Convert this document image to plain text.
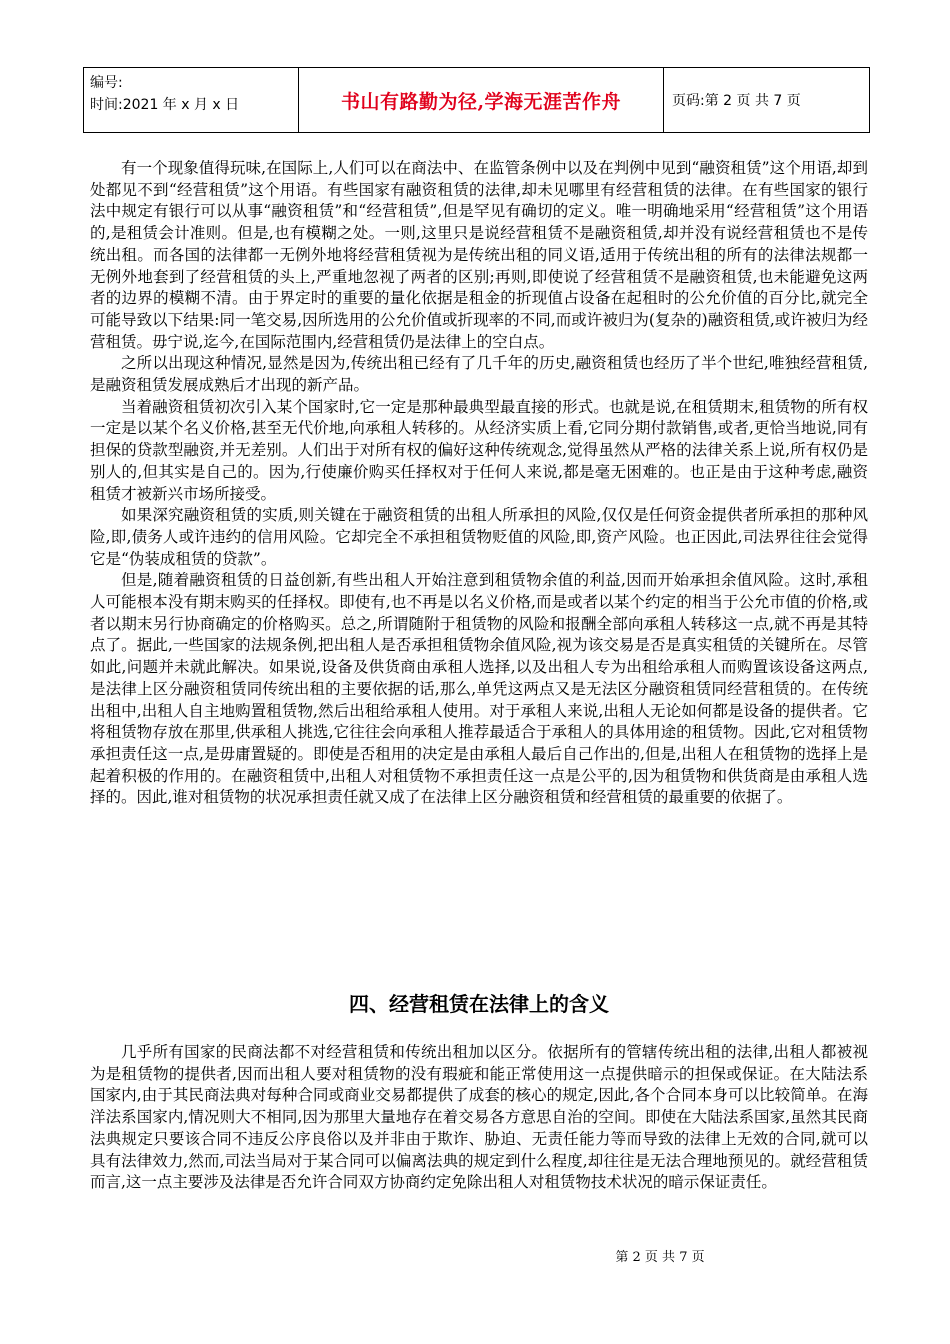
编号:
时间:2021 年 x 月 x 日	书山有路勤为径,学海无涯苦作舟	页码:第 2 页 共 7 页

有一个现象值得玩味,在国际上,人们可以在商法中、在监管条例中以及在判例中见到“融资租赁”这个用语,却到处都见不到“经营租赁”这个用语。有些国家有融资租赁的法律,却未见哪里有经营租赁的法律。在有些国家的银行法中规定有银行可以从事“融资租赁”和“经营租赁”,但是罕见有确切的定义。唯一明确地采用“经营租赁”这个用语的,是租赁会计准则。但是,也有模糊之处。一则,这里只是说经营租赁不是融资租赁,却并没有说经营租赁也不是传统出租。而各国的法律都一无例外地将经营租赁视为是传统出租的同义语,适用于传统出租的所有的法律法规都一无例外地套到了经营租赁的头上,严重地忽视了两者的区别;再则,即使说了经营租赁不是融资租赁,也未能避免这两者的边界的模糊不清。由于界定时的重要的量化依据是租金的折现值占设备在起租时的公允价值的百分比,就完全可能导致以下结果:同一笔交易,因所选用的公允价值或折现率的不同,而或许被归为(复杂的)融资租赁,或许被归为经营租赁。毋宁说,迄今,在国际范围内,经营租赁仍是法律上的空白点。

之所以出现这种情况,显然是因为,传统出租已经有了几千年的历史,融资租赁也经历了半个世纪,唯独经营租赁,是融资租赁发展成熟后才出现的新产品。

当着融资租赁初次引入某个国家时,它一定是那种最典型最直接的形式。也就是说,在租赁期末,租赁物的所有权一定是以某个名义价格,甚至无代价地,向承租人转移的。从经济实质上看,它同分期付款销售,或者,更恰当地说,同有担保的贷款型融资,并无差别。人们出于对所有权的偏好这种传统观念,觉得虽然从严格的法律关系上说,所有权仍是别人的,但其实是自己的。因为,行使廉价购买任择权对于任何人来说,都是毫无困难的。也正是由于这种考虑,融资租赁才被新兴市场所接受。

如果深究融资租赁的实质,则关键在于融资租赁的出租人所承担的风险,仅仅是任何资金提供者所承担的那种风险,即,债务人或许违约的信用风险。它却完全不承担租赁物贬值的风险,即,资产风险。也正因此,司法界往往会觉得它是“伪装成租赁的贷款”。

但是,随着融资租赁的日益创新,有些出租人开始注意到租赁物余值的利益,因而开始承担余值风险。这时,承租人可能根本没有期末购买的任择权。即使有,也不再是以名义价格,而是或者以某个约定的相当于公允市值的价格,或者以期末另行协商确定的价格购买。总之,所谓随附于租赁物的风险和报酬全部向承租人转移这一点,就不再是其特点了。据此,一些国家的法规条例,把出租人是否承担租赁物余值风险,视为该交易是否是真实租赁的关键所在。尽管如此,问题并未就此解决。如果说,设备及供货商由承租人选择,以及出租人专为出租给承租人而购置该设备这两点,是法律上区分融资租赁同传统出租的主要依据的话,那么,单凭这两点又是无法区分融资租赁同经营租赁的。在传统出租中,出租人自主地购置租赁物,然后出租给承租人使用。对于承租人来说,出租人无论如何都是设备的提供者。它将租赁物存放在那里,供承租人挑选,它往往会向承租人推荐最适合于承租人的具体用途的租赁物。因此,它对租赁物承担责任这一点,是毋庸置疑的。即使是否租用的决定是由承租人最后自己作出的,但是,出租人在租赁物的选择上是起着积极的作用的。在融资租赁中,出租人对租赁物不承担责任这一点是公平的,因为租赁物和供货商是由承租人选择的。因此,谁对租赁物的状况承担责任就又成了在法律上区分融资租赁和经营租赁的最重要的依据了。

四、经营租赁在法律上的含义

几乎所有国家的民商法都不对经营租赁和传统出租加以区分。依据所有的管辖传统出租的法律,出租人都被视为是租赁物的提供者,因而出租人要对租赁物的没有瑕疵和能正常使用这一点提供暗示的担保或保证。在大陆法系国家内,由于其民商法典对每种合同或商业交易都提供了成套的核心的规定,因此,各个合同本身可以比较简单。在海洋法系国家内,情况则大不相同,因为那里大量地存在着交易各方意思自治的空间。即使在大陆法系国家,虽然其民商法典规定只要该合同不违反公序良俗以及并非由于欺诈、胁迫、无责任能力等而导致的法律上无效的合同,就可以具有法律效力,然而,司法当局对于某合同可以偏离法典的规定到什么程度,却往往是无法合理地预见的。就经营租赁而言,这一点主要涉及法律是否允许合同双方协商约定免除出租人对租赁物技术状况的暗示保证责任。

第 2 页 共 7 页
